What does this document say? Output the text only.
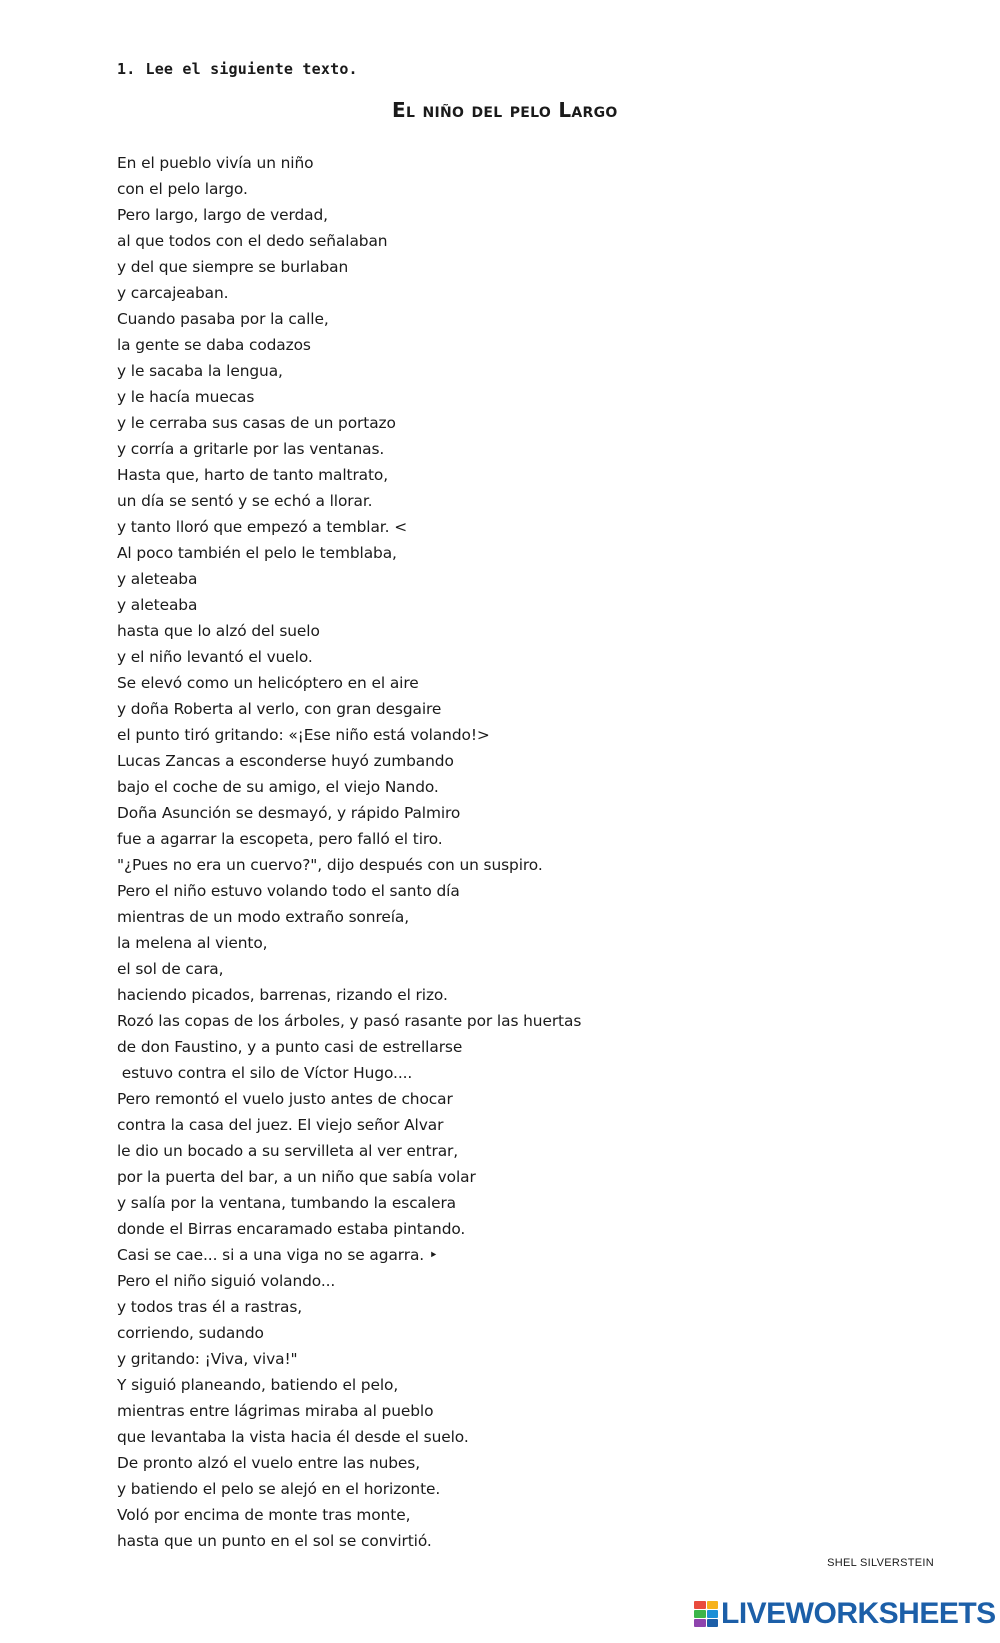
1. Lee el siguiente texto.

El niño del pelo Largo
En el pueblo vivía un niño
con el pelo largo.
Pero largo, largo de verdad,
al que todos con el dedo señalaban
y del que siempre se burlaban
y carcajeaban.
Cuando pasaba por la calle,
la gente se daba codazos
y le sacaba la lengua,
y le hacía muecas
y le cerraba sus casas de un portazo
y corría a gritarle por las ventanas.
Hasta que, harto de tanto maltrato,
un día se sentó y se echó a llorar.
y tanto lloró que empezó a temblar. <
Al poco también el pelo le temblaba,
y aleteaba
y aleteaba
hasta que lo alzó del suelo
y el niño levantó el vuelo.
Se elevó como un helicóptero en el aire
y doña Roberta al verlo, con gran desgaire
el punto tiró gritando: «¡Ese niño está volando!>
Lucas Zancas a esconderse huyó zumbando
bajo el coche de su amigo, el viejo Nando.
Doña Asunción se desmayó, y rápido Palmiro
fue a agarrar la escopeta, pero falló el tiro.
"¿Pues no era un cuervo?", dijo después con un suspiro.
Pero el niño estuvo volando todo el santo día
mientras de un modo extraño sonreía,
la melena al viento,
el sol de cara,
haciendo picados, barrenas, rizando el rizo.
Rozó las copas de los árboles, y pasó rasante por las huertas
de don Faustino, y a punto casi de estrellarse
estuvo contra el silo de Víctor Hugo....
Pero remontó el vuelo justo antes de chocar
contra la casa del juez. El viejo señor Alvar
le dio un bocado a su servilleta al ver entrar,
por la puerta del bar, a un niño que sabía volar
y salía por la ventana, tumbando la escalera
donde el Birras encaramado estaba pintando.
Casi se cae... si a una viga no se agarra. ‣
Pero el niño siguió volando...
y todos tras él a rastras,
corriendo, sudando
y gritando: ¡Viva, viva!"
Y siguió planeando, batiendo el pelo,
mientras entre lágrimas miraba al pueblo
que levantaba la vista hacia él desde el suelo.
De pronto alzó el vuelo entre las nubes,
y batiendo el pelo se alejó en el horizonte.
Voló por encima de monte tras monte,
hasta que un punto en el sol se convirtió.

SHEL SILVERSTEIN

LIVEWORKSHEETS
